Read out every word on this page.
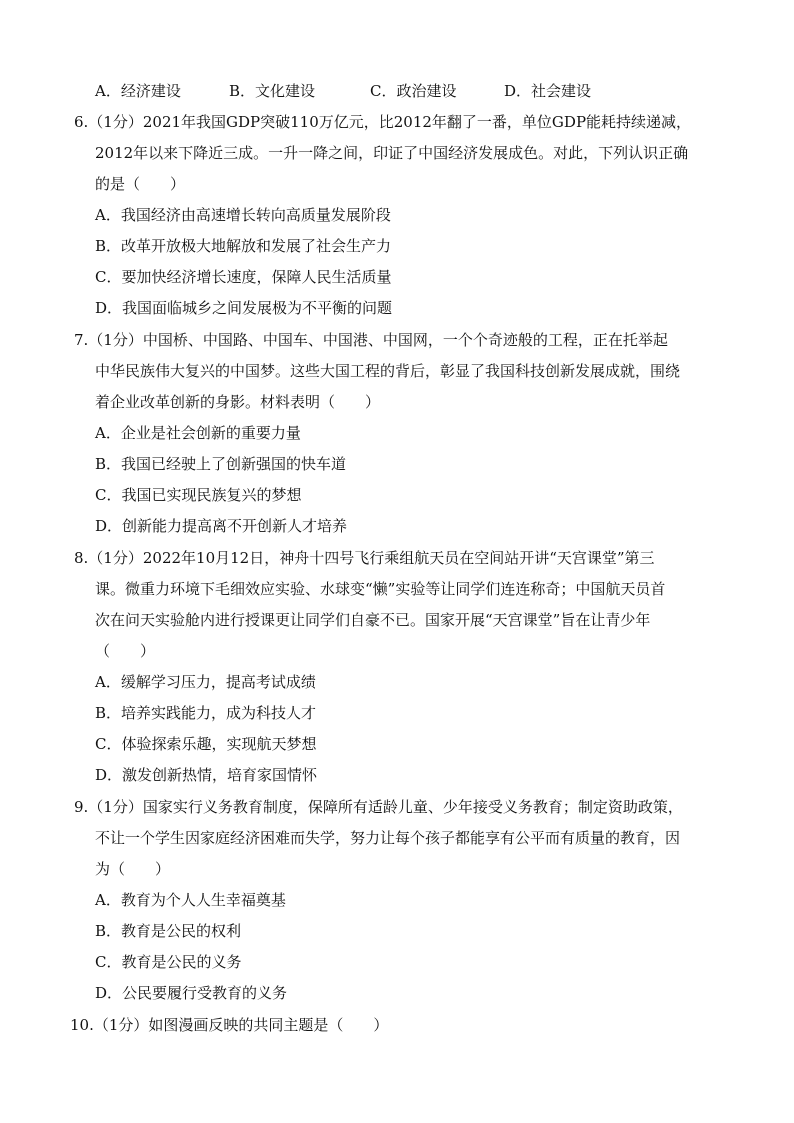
A．经济建设	B．文化建设	C．政治建设	D．社会建设
6.（1分）2021年我国GDP突破110万亿元，比2012年翻了一番，单位GDP能耗持续递减，
2012年以来下降近三成。一升一降之间，印证了中国经济发展成色。对此，下列认识正确
的是（　　）
A．我国经济由高速增长转向高质量发展阶段
B．改革开放极大地解放和发展了社会生产力
C．要加快经济增长速度，保障人民生活质量
D．我国面临城乡之间发展极为不平衡的问题
7.（1分）中国桥、中国路、中国车、中国港、中国网，一个个奇迹般的工程，正在托举起
中华民族伟大复兴的中国梦。这些大国工程的背后，彰显了我国科技创新发展成就，围绕
着企业改革创新的身影。材料表明（　　）
A．企业是社会创新的重要力量
B．我国已经驶上了创新强国的快车道
C．我国已实现民族复兴的梦想
D．创新能力提高离不开创新人才培养
8.（1分）2022年10月12日，神舟十四号飞行乘组航天员在空间站开讲“天宫课堂”第三
课。微重力环境下毛细效应实验、水球变“懒”实验等让同学们连连称奇；中国航天员首
次在问天实验舱内进行授课更让同学们自豪不已。国家开展“天宫课堂”旨在让青少年
（　　）
A．缓解学习压力，提高考试成绩
B．培养实践能力，成为科技人才
C．体验探索乐趣，实现航天梦想
D．激发创新热情，培育家国情怀
9.（1分）国家实行义务教育制度，保障所有适龄儿童、少年接受义务教育；制定资助政策，
不让一个学生因家庭经济困难而失学，努力让每个孩子都能享有公平而有质量的教育，因
为（　　）
A．教育为个人人生幸福奠基
B．教育是公民的权利
C．教育是公民的义务
D．公民要履行受教育的义务
10.（1分）如图漫画反映的共同主题是（　　）
